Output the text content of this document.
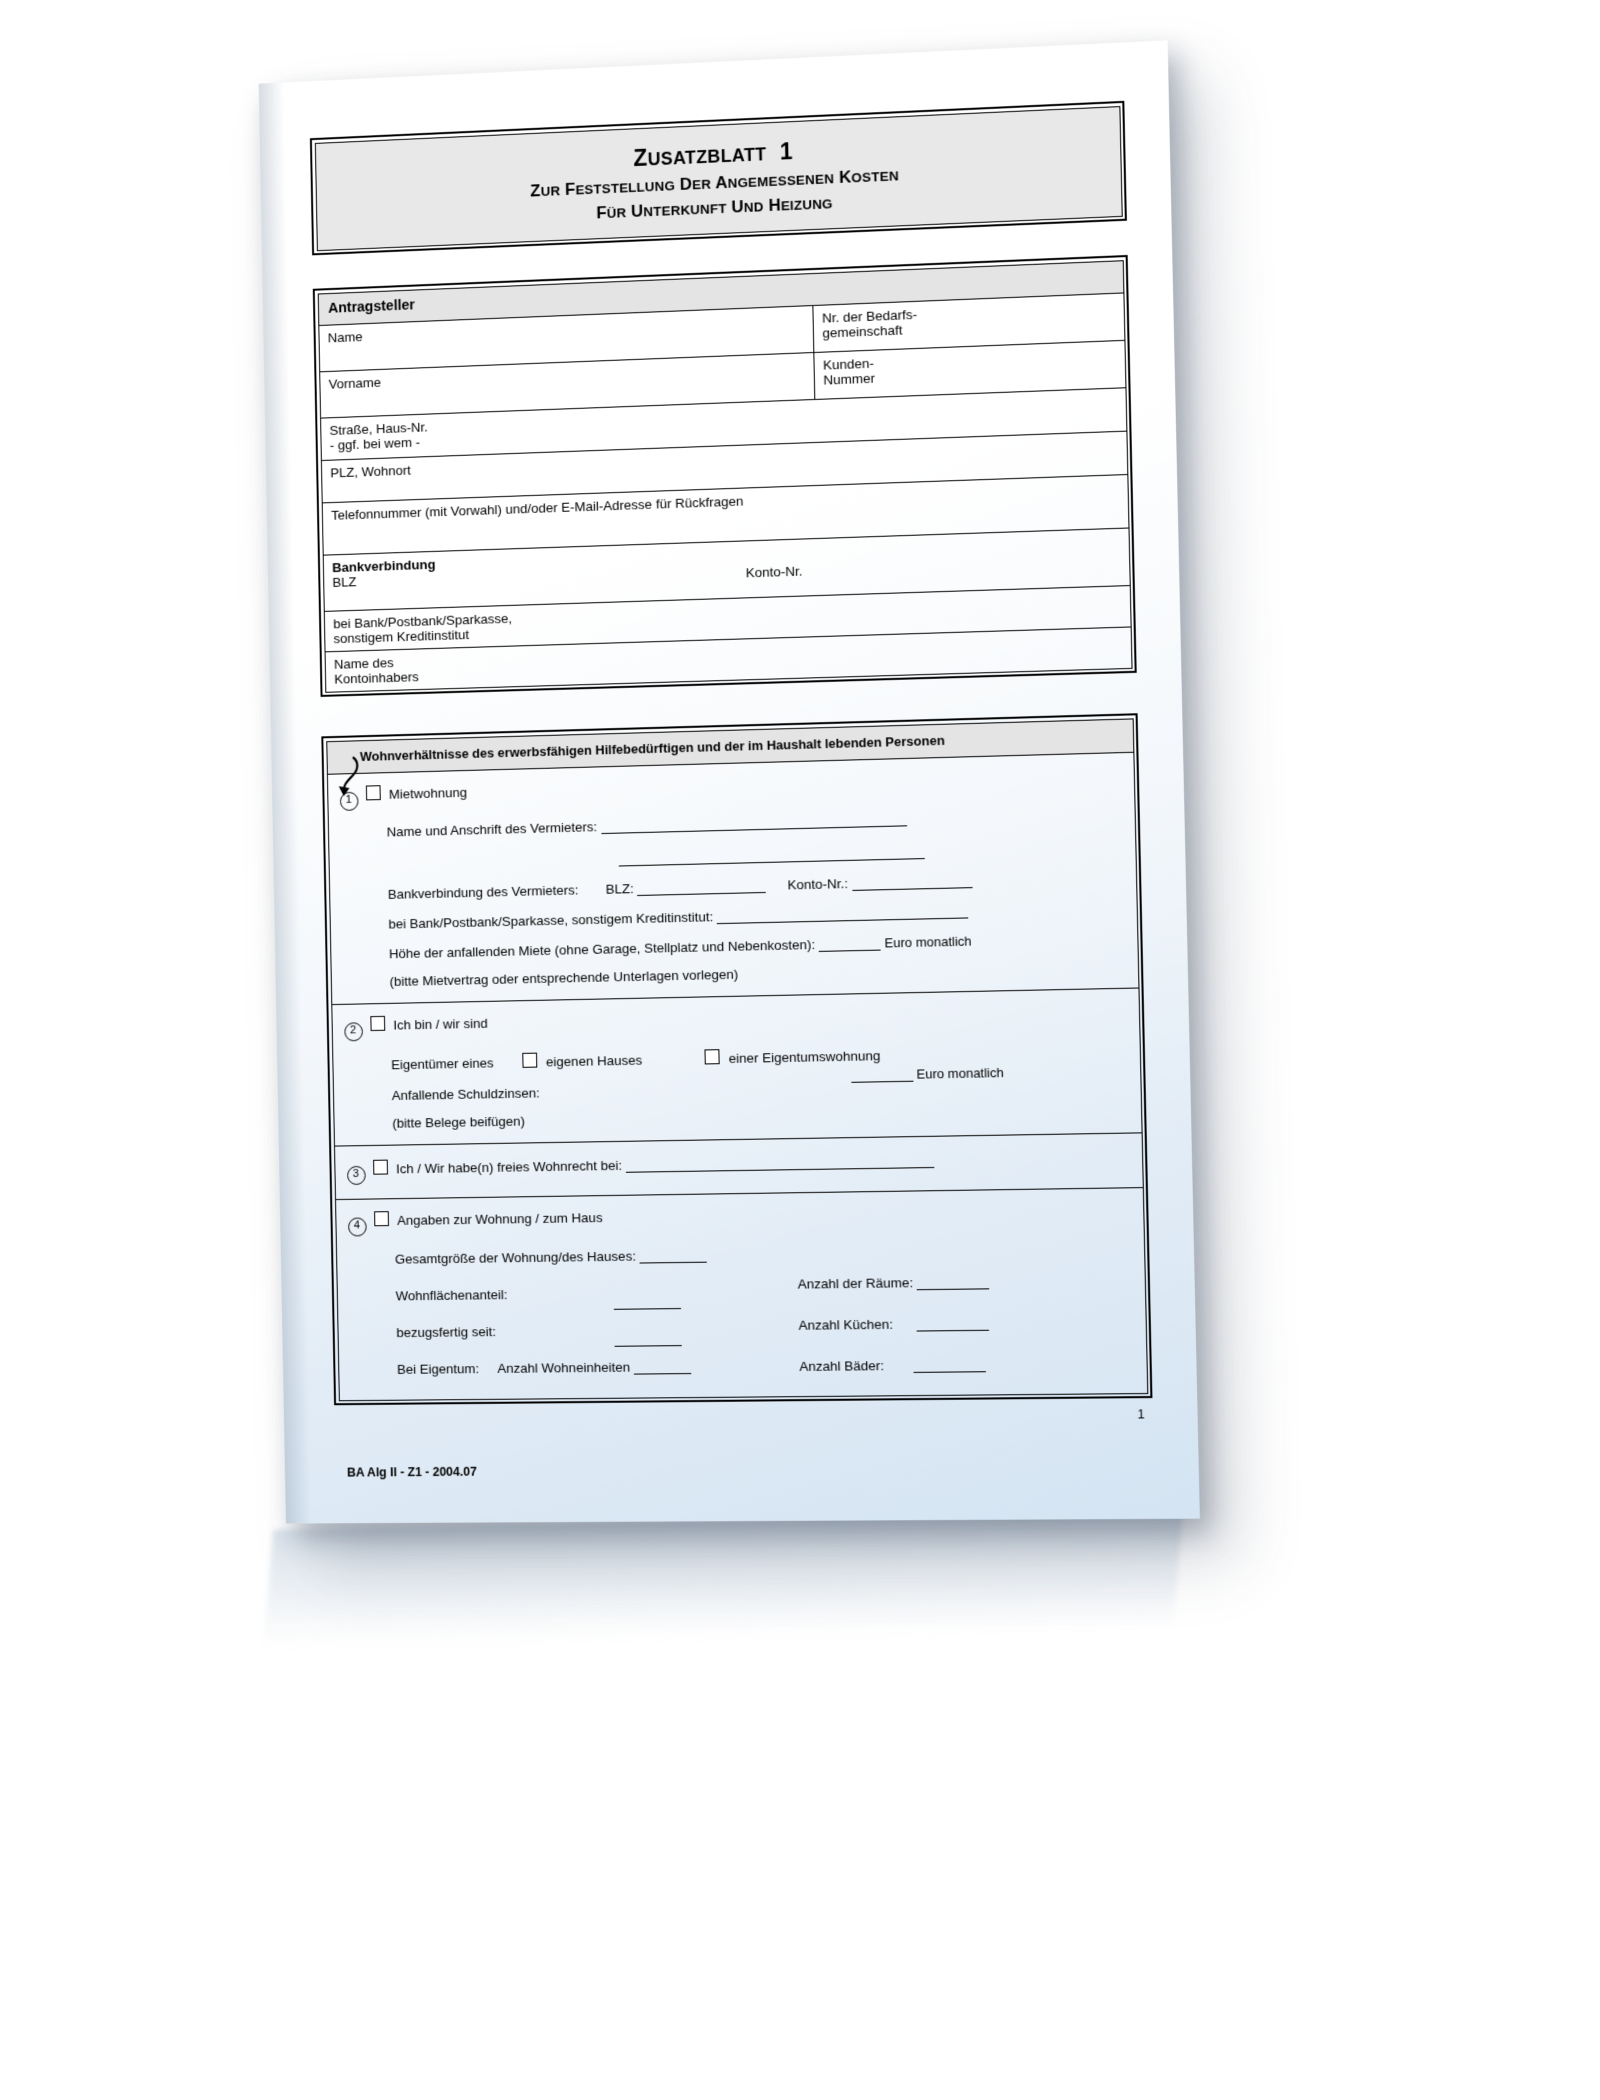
ZUSATZBLATT 1
ZUR FESTSTELLUNG DER ANGEMESSENEN KOSTEN
FÜR UNTERKUNFT UND HEIZUNG
Antragsteller
Name
Nr. der Bedarfs-
gemeinschaft
Vorname
Kunden-
Nummer
Straße, Haus-Nr.
- ggf. bei wem -
PLZ, Wohnort
Telefonnummer (mit Vorwahl) und/oder E-Mail-Adresse für Rückfragen
Bankverbindung
BLZ
Konto-Nr.
bei Bank/Postbank/Sparkasse,
sonstigem Kreditinstitut
Name des
Kontoinhabers
Wohnverhältnisse des erwerbsfähigen Hilfebedürftigen und der im Haushalt lebenden Personen
1	Mietwohnung
Name und Anschrift des Vermieters:
Bankverbindung des Vermieters: BLZ:	Konto-Nr.:
bei Bank/Postbank/Sparkasse, sonstigem Kreditinstitut:
Höhe der anfallenden Miete (ohne Garage, Stellplatz und Nebenkosten):	Euro monatlich
(bitte Mietvertrag oder entsprechende Unterlagen vorlegen)
2	Ich bin / wir sind
Eigentümer eines	eigenen Hauses	einer Eigentumswohnung
Anfallende Schuldzinsen:
Euro monatlich
(bitte Belege beifügen)
3	Ich / Wir habe(n) freies Wohnrecht bei:
4	Angaben zur Wohnung / zum Haus
Gesamtgröße der Wohnung/des Hauses:
Wohnflächenanteil:
bezugsfertig seit:
Bei Eigentum: Anzahl Wohneinheiten
Anzahl der Räume:
Anzahl Küchen:
Anzahl Bäder:
1
BA Alg II - Z1 - 2004.07
